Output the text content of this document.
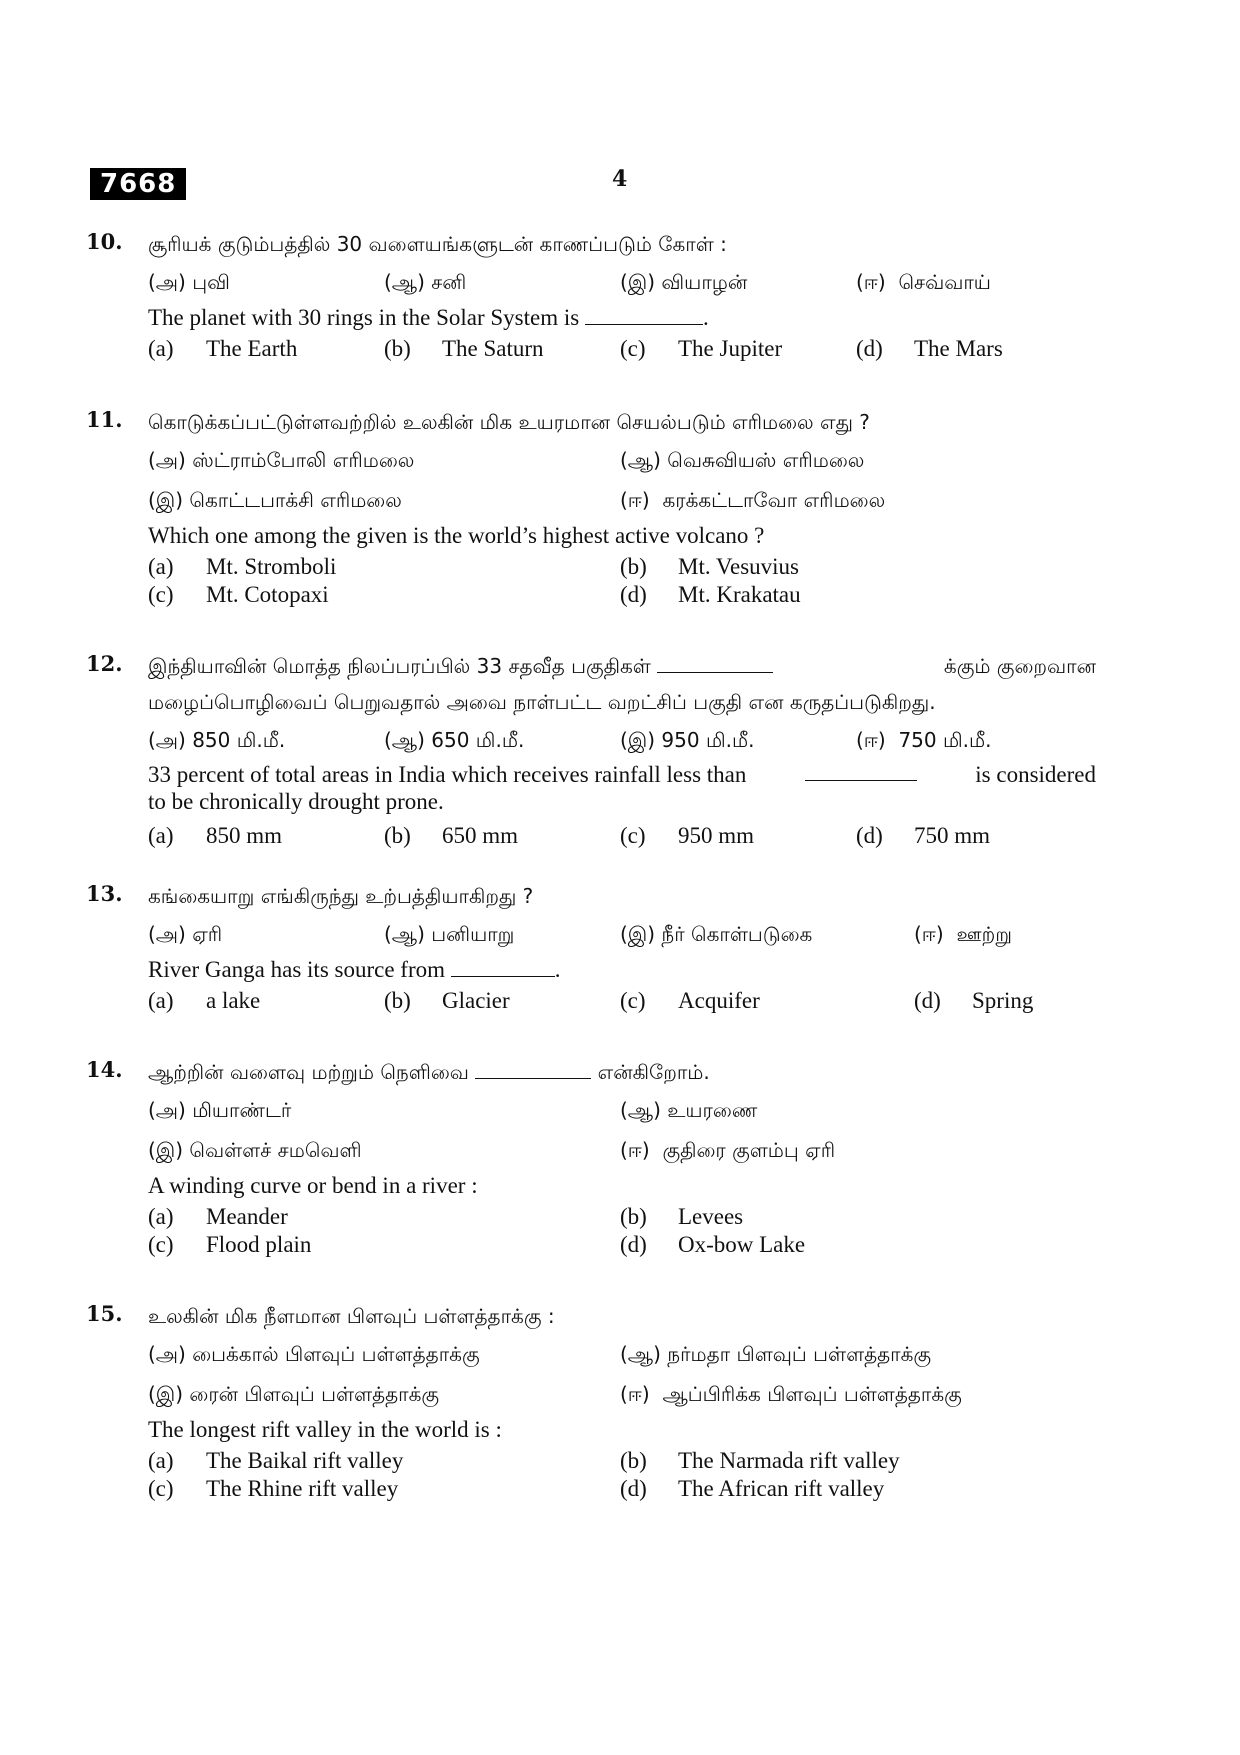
7668	4
10. சூரியக் குடும்பத்தில் 30 வளையங்களுடன் காணப்படும் கோள் :
(அ) புவி	(ஆ) சனி	(இ) வியாழன்	(ஈ) செவ்வாய்
The planet with 30 rings in the Solar System is	.
(a) The Earth	(b) The Saturn	(c) The Jupiter	(d) The Mars
11. கொடுக்கப்பட்டுள்ளவற்றில் உலகின் மிக உயரமான செயல்படும் எரிமலை எது ?
(அ) ஸ்ட்ராம்போலி எரிமலை	(ஆ) வெசுவியஸ் எரிமலை
(இ) கொட்டபாக்சி எரிமலை	(ஈ) கரக்கட்டாவோ எரிமலை
Which one among the given is the world’s highest active volcano ?
(a) Mt. Stromboli	(b) Mt. Vesuvius
(c) Mt. Cotopaxi	(d) Mt. Krakatau
12. இந்தியாவின் மொத்த நிலப்பரப்பில் 33 சதவீத பகுதிகள்	க்கும் குறைவான
மழைப்பொழிவைப் பெறுவதால் அவை நாள்பட்ட வறட்சிப் பகுதி என கருதப்படுகிறது.
(அ) 850 மி.மீ.	(ஆ) 650 மி.மீ.	(இ) 950 மி.மீ.	(ஈ) 750 மி.மீ.
33 percent of total areas in India which receives rainfall less than	is considered
to be chronically drought prone.
(a) 850 mm	(b) 650 mm	(c) 950 mm	(d) 750 mm
13. கங்கையாறு எங்கிருந்து உற்பத்தியாகிறது ?
(அ) ஏரி	(ஆ) பனியாறு	(இ) நீர் கொள்படுகை	(ஈ) ஊற்று
River Ganga has its source from	.
(a) a lake	(b) Glacier	(c) Acquifer	(d) Spring
14. ஆற்றின் வளைவு மற்றும் நெளிவை	என்கிறோம்.
(அ) மியாண்டர்	(ஆ) உயரணை
(இ) வெள்ளச் சமவெளி	(ஈ) குதிரை குளம்பு ஏரி
A winding curve or bend in a river :
(a) Meander	(b) Levees
(c) Flood plain	(d) Ox-bow Lake
15. உலகின் மிக நீளமான பிளவுப் பள்ளத்தாக்கு :
(அ) பைக்கால் பிளவுப் பள்ளத்தாக்கு	(ஆ) நர்மதா பிளவுப் பள்ளத்தாக்கு
(இ) ரைன் பிளவுப் பள்ளத்தாக்கு	(ஈ) ஆப்பிரிக்க பிளவுப் பள்ளத்தாக்கு
The longest rift valley in the world is :
(a) The Baikal rift valley	(b) The Narmada rift valley
(c) The Rhine rift valley	(d) The African rift valley
